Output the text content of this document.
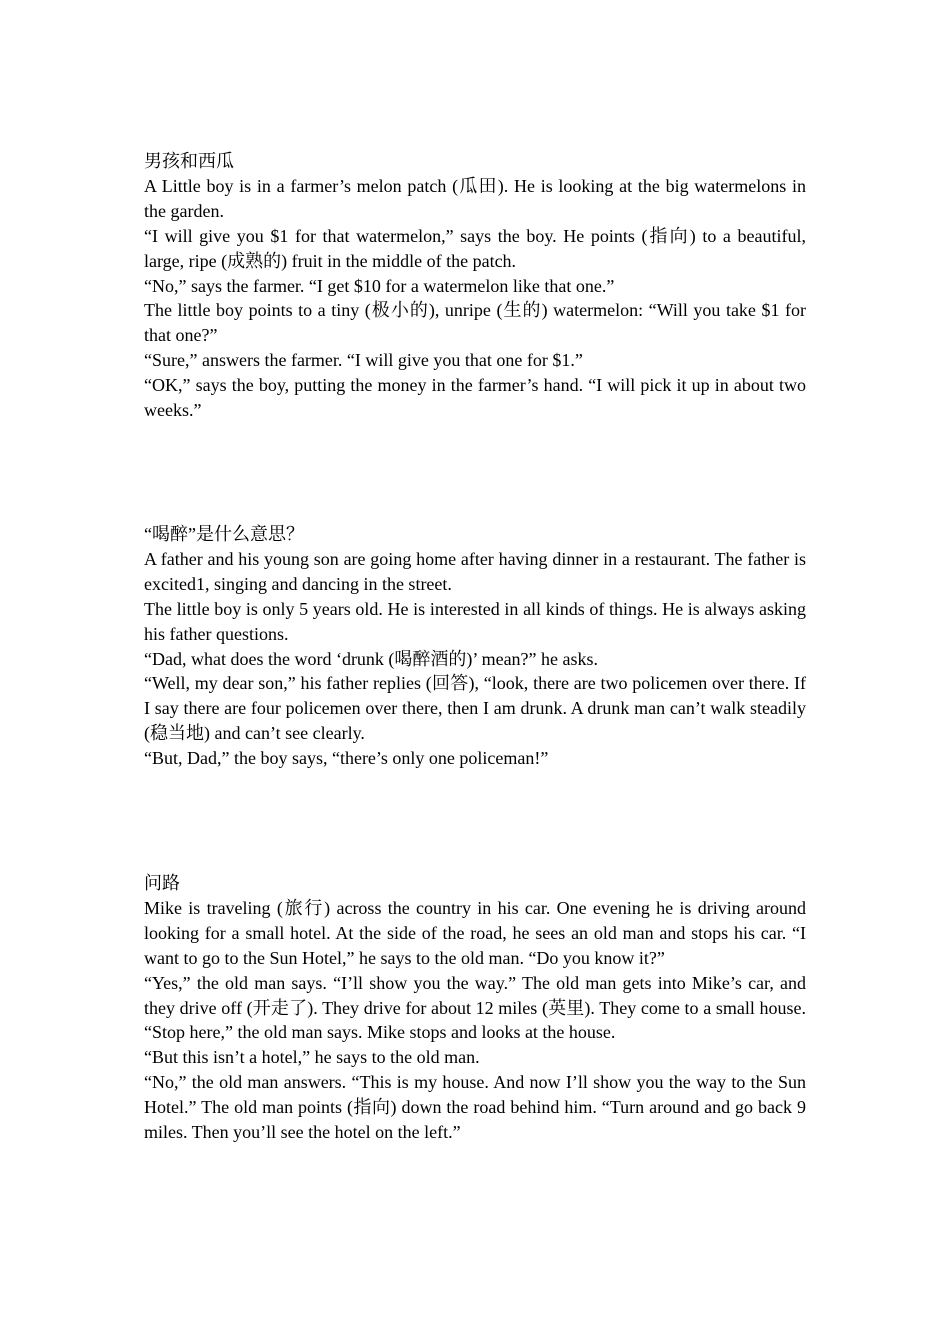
男孩和西瓜

A Little boy is in a farmer’s melon patch (瓜田). He is looking at the big watermelons in the garden.

“I will give you $1 for that watermelon,” says the boy. He points (指向) to a beautiful, large, ripe (成熟的) fruit in the middle of the patch.

“No,” says the farmer. “I get $10 for a watermelon like that one.”

The little boy points to a tiny (极小的), unripe (生的) watermelon: “Will you take $1 for that one?”

“Sure,” answers the farmer. “I will give you that one for $1.”

“OK,” says the boy, putting the money in the farmer’s hand. “I will pick it up in about two weeks.”

“喝醉”是什么意思？

A father and his young son are going home after having dinner in a restaurant. The father is excited1, singing and dancing in the street.

The little boy is only 5 years old. He is interested in all kinds of things. He is always asking his father questions.

“Dad, what does the word ‘drunk (喝醉酒的)’ mean?” he asks.

“Well, my dear son,” his father replies (回答), “look, there are two policemen over there. If I say there are four policemen over there, then I am drunk. A drunk man can’t walk steadily (稳当地) and can’t see clearly.

“But, Dad,” the boy says, “there’s only one policeman!”

问路

Mike is traveling (旅行) across the country in his car. One evening he is driving around looking for a small hotel. At the side of the road, he sees an old man and stops his car. “I want to go to the Sun Hotel,” he says to the old man. “Do you know it?”

“Yes,” the old man says. “I’ll show you the way.” The old man gets into Mike’s car, and they drive off (开走了). They drive for about 12 miles (英里). They come to a small house. “Stop here,” the old man says. Mike stops and looks at the house.

“But this isn’t a hotel,” he says to the old man.

“No,” the old man answers. “This is my house. And now I’ll show you the way to the Sun Hotel.” The old man points (指向) down the road behind him. “Turn around and go back 9 miles. Then you’ll see the hotel on the left.”
